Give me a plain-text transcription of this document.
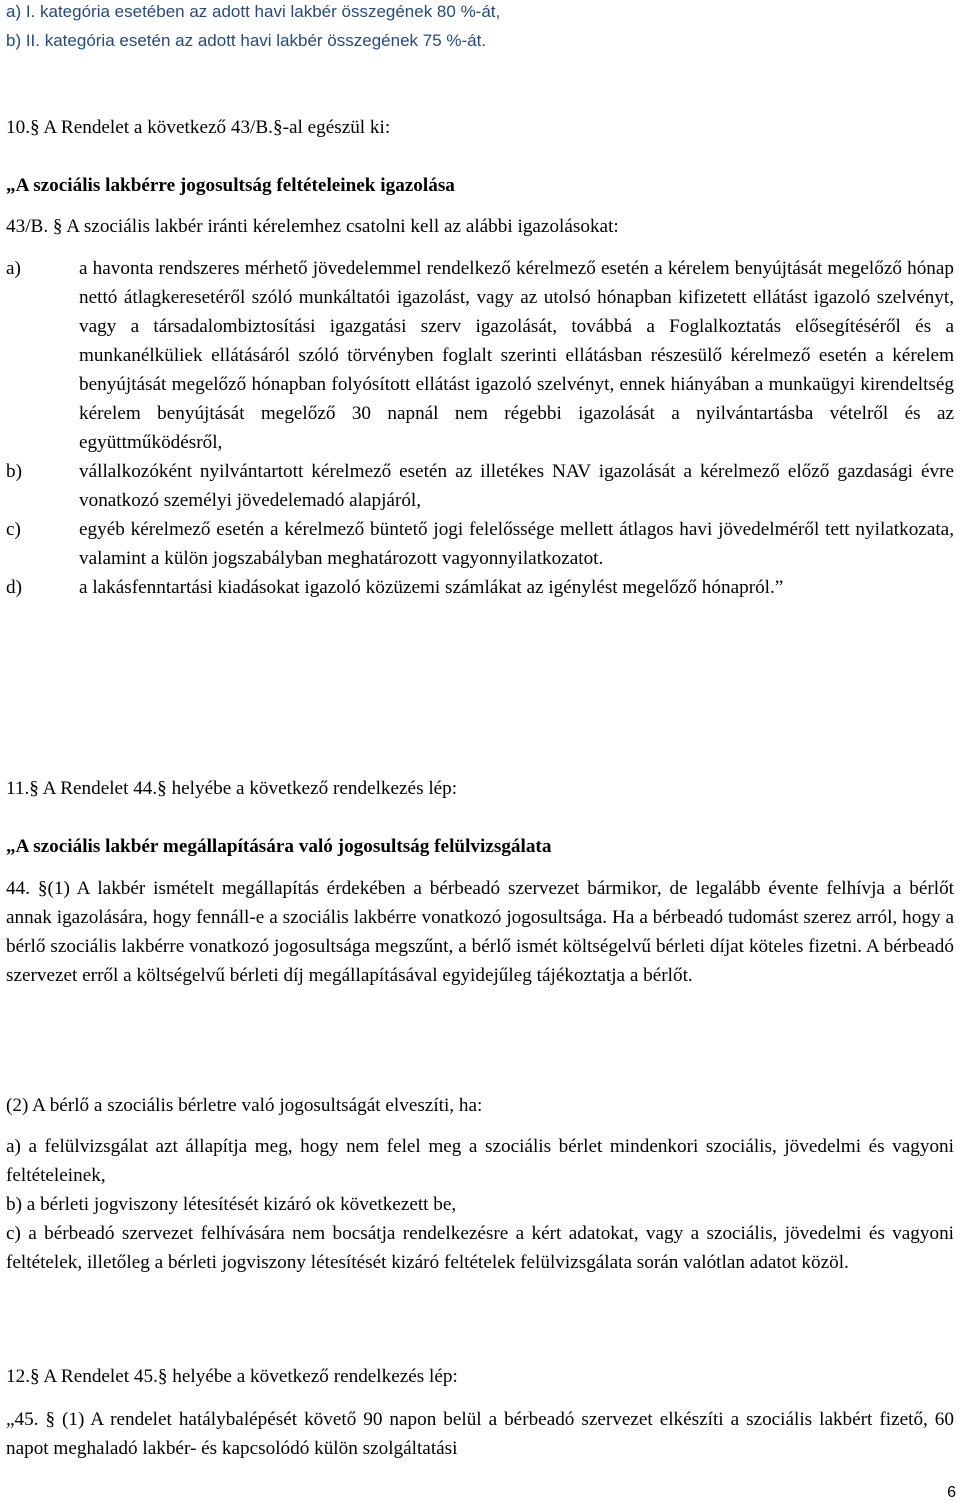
a) I. kategória esetében az adott havi lakbér összegének 80 %-át,
b) II. kategória esetén az adott havi lakbér összegének 75 %-át.
10.§ A Rendelet a következő 43/B.§-al egészül ki:
„A szociális lakbérre jogosultság feltételeinek igazolása
43/B. § A szociális lakbér iránti kérelemhez csatolni kell az alábbi igazolásokat:
a)	a havonta rendszeres mérhető jövedelemmel rendelkező kérelmező esetén a kérelem benyújtását megelőző hónap nettó átlagkeresetéről szóló munkáltatói igazolást, vagy az utolsó hónapban kifizetett ellátást igazoló szelvényt, vagy a társadalombiztosítási igazgatási szerv igazolását, továbbá a Foglalkoztatás elősegítéséről és a munkanélküliek ellátásáról szóló törvényben foglalt szerinti ellátásban részesülő kérelmező esetén a kérelem benyújtását megelőző hónapban folyósított ellátást igazoló szelvényt, ennek hiányában a munkaügyi kirendeltség kérelem benyújtását megelőző 30 napnál nem régebbi igazolását a nyilvántartásba vételről és az együttműködésről,
b)	vállalkozóként nyilvántartott kérelmező esetén az illetékes NAV igazolását a kérelmező előző gazdasági évre vonatkozó személyi jövedelemadó alapjáról,
c)	egyéb kérelmező esetén a kérelmező büntető jogi felelőssége mellett átlagos havi jövedelméről tett nyilatkozata, valamint a külön jogszabályban meghatározott vagyonnyilatkozatot.
d)	a lakásfenntartási kiadásokat igazoló közüzemi számlákat az igénylést megelőző hónapról.”
11.§ A Rendelet 44.§ helyébe a következő rendelkezés lép:
„A szociális lakbér megállapítására való jogosultság felülvizsgálata
44. §(1) A lakbér ismételt megállapítás érdekében a bérbeadó szervezet bármikor, de legalább évente felhívja a bérlőt annak igazolására, hogy fennáll-e a szociális lakbérre vonatkozó jogosultsága. Ha a bérbeadó tudomást szerez arról, hogy a bérlő szociális lakbérre vonatkozó jogosultsága megszűnt, a bérlő ismét költségelvű bérleti díjat köteles fizetni. A bérbeadó szervezet erről a költségelvű bérleti díj megállapításával egyidejűleg tájékoztatja a bérlőt.
(2) A bérlő a szociális bérletre való jogosultságát elveszíti, ha:
a) a felülvizsgálat azt állapítja meg, hogy nem felel meg a szociális bérlet mindenkori szociális, jövedelmi és vagyoni feltételeinek,
b) a bérleti jogviszony létesítését kizáró ok következett be,
c) a bérbeadó szervezet felhívására nem bocsátja rendelkezésre a kért adatokat, vagy a szociális, jövedelmi és vagyoni feltételek, illetőleg a bérleti jogviszony létesítését kizáró feltételek felülvizsgálata során valótlan adatot közöl.
12.§ A Rendelet 45.§ helyébe a következő rendelkezés lép:
„45. § (1) A rendelet hatálybalépését követő 90 napon belül a bérbeadó szervezet elkészíti a szociális lakbért fizető, 60 napot meghaladó lakbér- és kapcsolódó külön szolgáltatási
6
